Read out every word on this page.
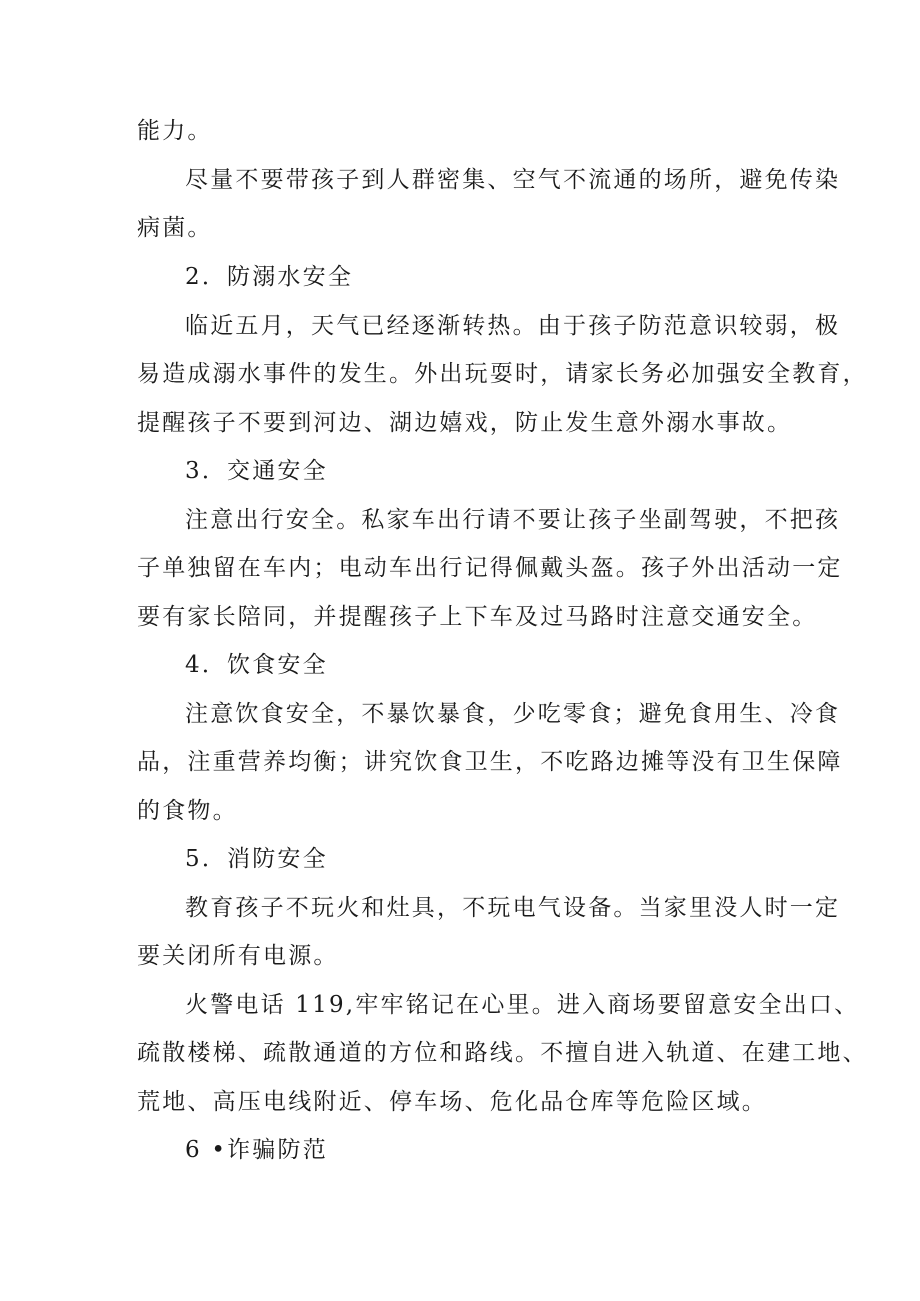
能力。
尽量不要带孩子到人群密集、空气不流通的场所，避免传染
病菌。
2．防溺水安全
临近五月，天气已经逐渐转热。由于孩子防范意识较弱，极
易造成溺水事件的发生。外出玩耍时，请家长务必加强安全教育，
提醒孩子不要到河边、湖边嬉戏，防止发生意外溺水事故。
3．交通安全
注意出行安全。私家车出行请不要让孩子坐副驾驶，不把孩
子单独留在车内；电动车出行记得佩戴头盔。孩子外出活动一定
要有家长陪同，并提醒孩子上下车及过马路时注意交通安全。
4．饮食安全
注意饮食安全，不暴饮暴食，少吃零食；避免食用生、冷食
品，注重营养均衡；讲究饮食卫生，不吃路边摊等没有卫生保障
的食物。
5．消防安全
教育孩子不玩火和灶具，不玩电气设备。当家里没人时一定
要关闭所有电源。
火警电话 119,牢牢铭记在心里。进入商场要留意安全出口、
疏散楼梯、疏散通道的方位和路线。不擅自进入轨道、在建工地、
荒地、高压电线附近、停车场、危化品仓库等危险区域。
6 •诈骗防范
